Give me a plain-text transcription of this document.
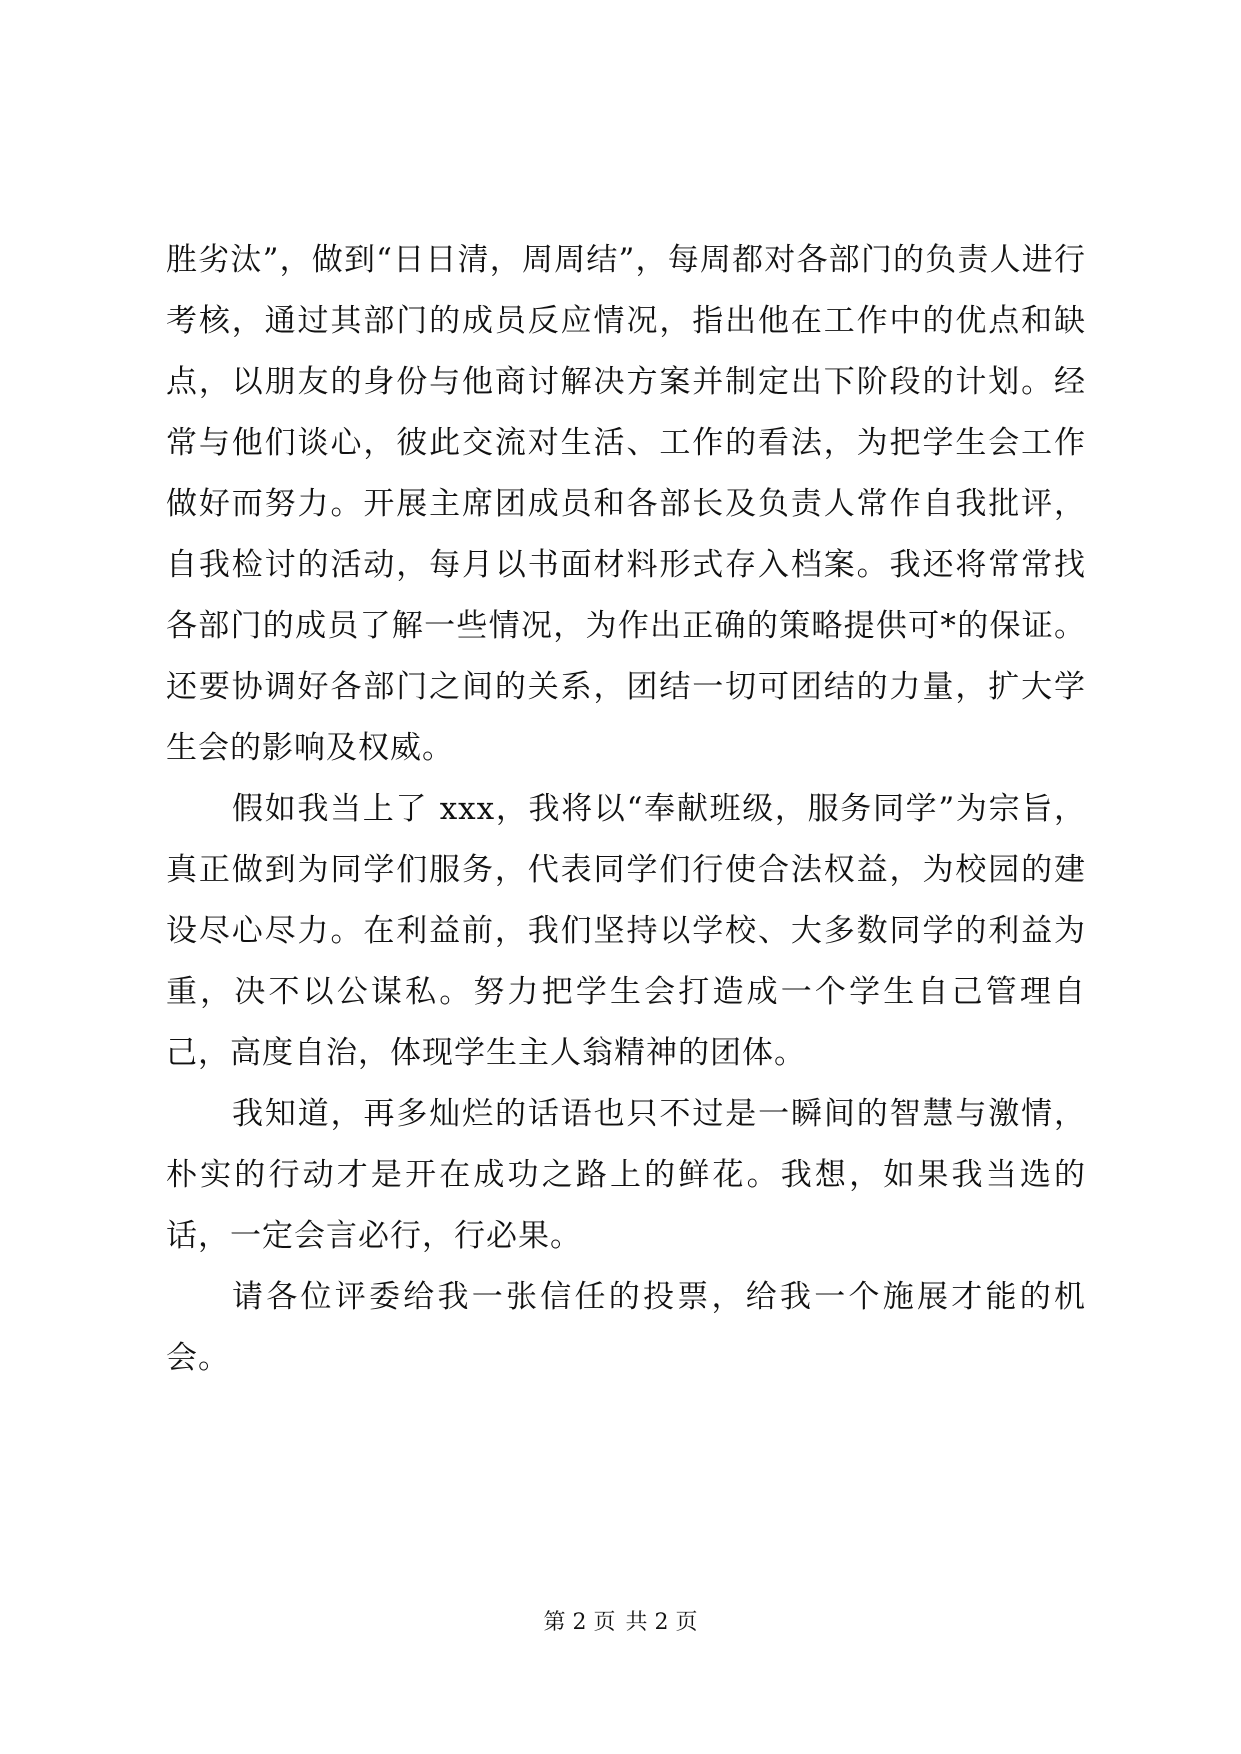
胜劣汰”，做到“日日清，周周结”，每周都对各部门的负责人进行考核，通过其部门的成员反应情况，指出他在工作中的优点和缺点，以朋友的身份与他商讨解决方案并制定出下阶段的计划。经常与他们谈心，彼此交流对生活、工作的看法，为把学生会工作做好而努力。开展主席团成员和各部长及负责人常作自我批评，自我检讨的活动，每月以书面材料形式存入档案。我还将常常找各部门的成员了解一些情况，为作出正确的策略提供可*的保证。还要协调好各部门之间的关系，团结一切可团结的力量，扩大学生会的影响及权威。

假如我当上了 xxx，我将以“奉献班级，服务同学”为宗旨，真正做到为同学们服务，代表同学们行使合法权益，为校园的建设尽心尽力。在利益前，我们坚持以学校、大多数同学的利益为重，决不以公谋私。努力把学生会打造成一个学生自己管理自己，高度自治，体现学生主人翁精神的团体。

我知道，再多灿烂的话语也只不过是一瞬间的智慧与激情，朴实的行动才是开在成功之路上的鲜花。我想，如果我当选的话，一定会言必行，行必果。

请各位评委给我一张信任的投票，给我一个施展才能的机会。

第 2 页 共 2 页
